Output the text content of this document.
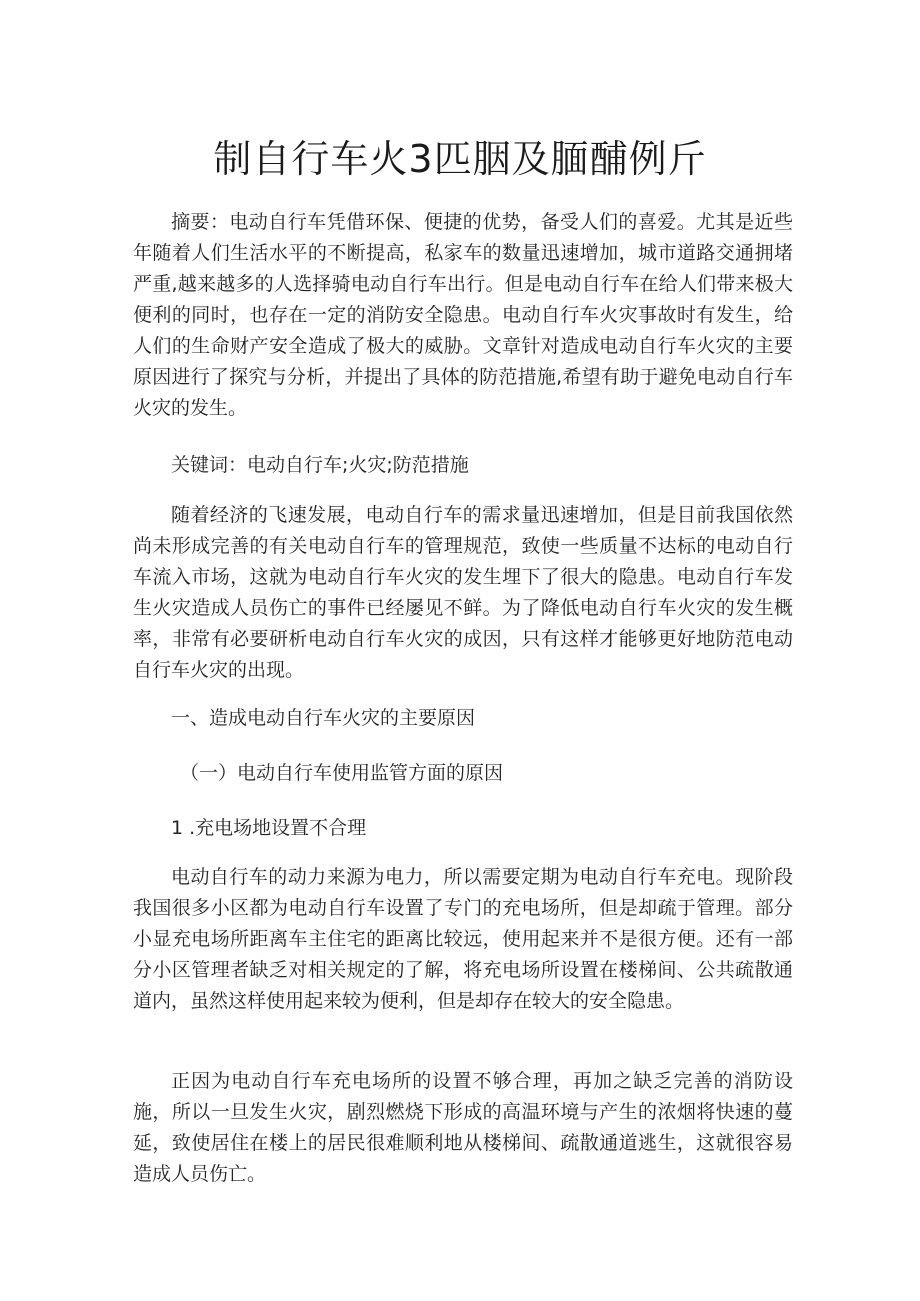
制自行车火3匹胭及腼酺例斤

摘要：电动自行车凭借环保、便捷的优势，备受人们的喜爱。尤其是近些年随着人们生活水平的不断提高，私家车的数量迅速增加，城市道路交通拥堵严重,越来越多的人选择骑电动自行车出行。但是电动自行车在给人们带来极大便利的同时，也存在一定的消防安全隐患。电动自行车火灾事故时有发生，给人们的生命财产安全造成了极大的威胁。文章针对造成电动自行车火灾的主要原因进行了探究与分析，并提出了具体的防范措施,希望有助于避免电动自行车火灾的发生。

关键词：电动自行车;火灾;防范措施

随着经济的飞速发展，电动自行车的需求量迅速增加，但是目前我国依然尚未形成完善的有关电动自行车的管理规范，致使一些质量不达标的电动自行车流入市场，这就为电动自行车火灾的发生埋下了很大的隐患。电动自行车发生火灾造成人员伤亡的事件已经屡见不鲜。为了降低电动自行车火灾的发生概率，非常有必要研析电动自行车火灾的成因，只有这样才能够更好地防范电动自行车火灾的出现。

一、造成电动自行车火灾的主要原因

（一）电动自行车使用监管方面的原因

1 .充电场地设置不合理

电动自行车的动力来源为电力，所以需要定期为电动自行车充电。现阶段我国很多小区都为电动自行车设置了专门的充电场所，但是却疏于管理。部分小显充电场所距离车主住宅的距离比较远，使用起来并不是很方便。还有一部分小区管理者缺乏对相关规定的了解，将充电场所设置在楼梯间、公共疏散通道内，虽然这样使用起来较为便利，但是却存在较大的安全隐患。

正因为电动自行车充电场所的设置不够合理，再加之缺乏完善的消防设施，所以一旦发生火灾，剧烈燃烧下形成的高温环境与产生的浓烟将快速的蔓延，致使居住在楼上的居民很难顺利地从楼梯间、疏散通道逃生，这就很容易造成人员伤亡。
